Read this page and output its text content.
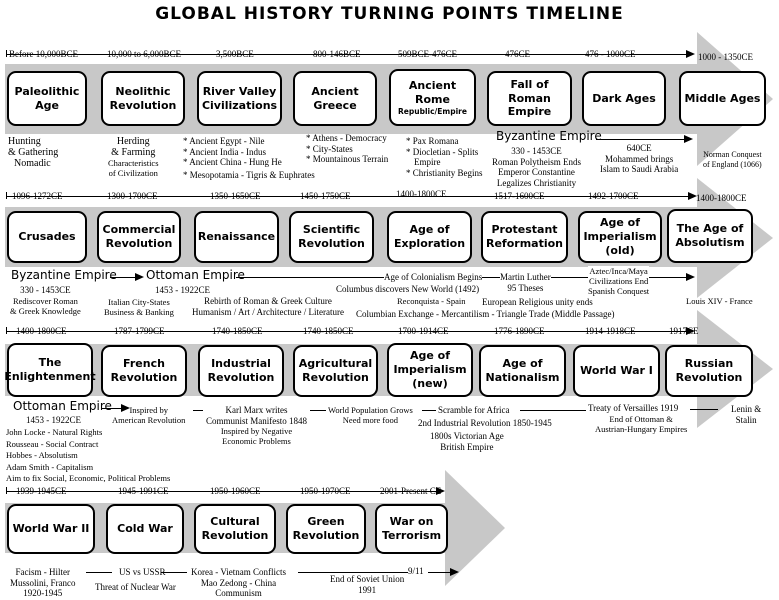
GLOBAL HISTORY TURNING POINTS TIMELINE
Before 10,000BCE	10,000 to 6,000BCE	3,500BCE	800-146BCE	509BCE-476CE	476CE	476 - 1000CE	1000 - 1350CE
Paleolithic Age
Neolithic Revolution
River Valley Civilizations
Ancient Greece
Ancient Rome
Republic/Empire
Fall of Roman Empire
Dark Ages	Middle Ages
Hunting
& Gathering
Nomadic
Herding
& Farming
Characteristics
of Civilization
* Ancient Egypt - Nile
* Ancient India - Indus
* Ancient China - Hung He
* Mesopotamia - Tigris & Euphrates
* Athens - Democracy
* City-States
* Mountainous Terrain
* Pax Romana
* Diocletian - Splits
Empire
* Christianity Begins
Byzantine Empire
330 - 1453CE
Roman Polytheism Ends
Emperor Constantine
Legalizes Christianity
640CE
Mohammed brings
Islam to Saudi Arabia
Norman Conquest
of England (1066)
1096-1272CE	1300-1700CE	1350-1650CE	1450-1750CE	1400-1800CE	1517-1600CE	1492-1700CE	1400-1800CE
Crusades
Commercial Revolution
Renaissance
Scientific Revolution
Age of Exploration
Protestant Reformation
Age of Imperialism (old)
The Age of Absolutism
Byzantine Empire
330 - 1453CE
Rediscover Roman
& Greek Knowledge
Ottoman Empire
1453 - 1922CE
Italian City-States
Business & Banking
Rebirth of Roman & Greek Culture
Humanism / Art / Architecture / Literature
Age of Colonialism Begins
Columbus discovers New World (1492)
Reconquista - Spain
Martin Luther
95 Theses
European Religious unity ends
Columbian Exchange - Mercantilism - Triangle Trade (Middle Passage)
Aztec/Inca/Maya
Civilizations End
Spanish Conquest
Louis XIV - France
1400-1800CE	1787-1799CE	1740-1850CE	1740-1850CE	1700-1914CE	1776-1890CE	1914-1918CE	1917CE
The Enlightenment
French Revolution
Industrial Revolution
Agricultural Revolution
Age of Imperialism (new)
Age of Nationalism
World War I
Russian Revolution
Ottoman Empire
1453 - 1922CE
John Locke - Natural Rights
Rousseau - Social Contract
Hobbes - Absolutism
Adam Smith - Capitalism
Aim to fix Social, Economic, Political Problems
Inspired by
American Revolution
Karl Marx writes
Communist Manifesto 1848
Inspired by Negative
Economic Problems
World Population Grows
Need more food
Scramble for Africa
2nd Industrial Revolution 1850-1945
1800s Victorian Age
British Empire
Treaty of Versailles 1919
End of Ottoman &
Austrian-Hungary Empires
Lenin &
Stalin
1939-1945CE	1945-1991CE	1950-1960CE	1950-1970CE	2001-Present CE
World War II	Cold War
Cultural Revolution
Green Revolution
War on Terrorism
Facism - Hilter
Mussolini, Franco
1920-1945
US vs USSR
Threat of Nuclear War
Korea - Vietnam Conflicts
Mao Zedong - China
Communism
End of Soviet Union
1991
9/11
